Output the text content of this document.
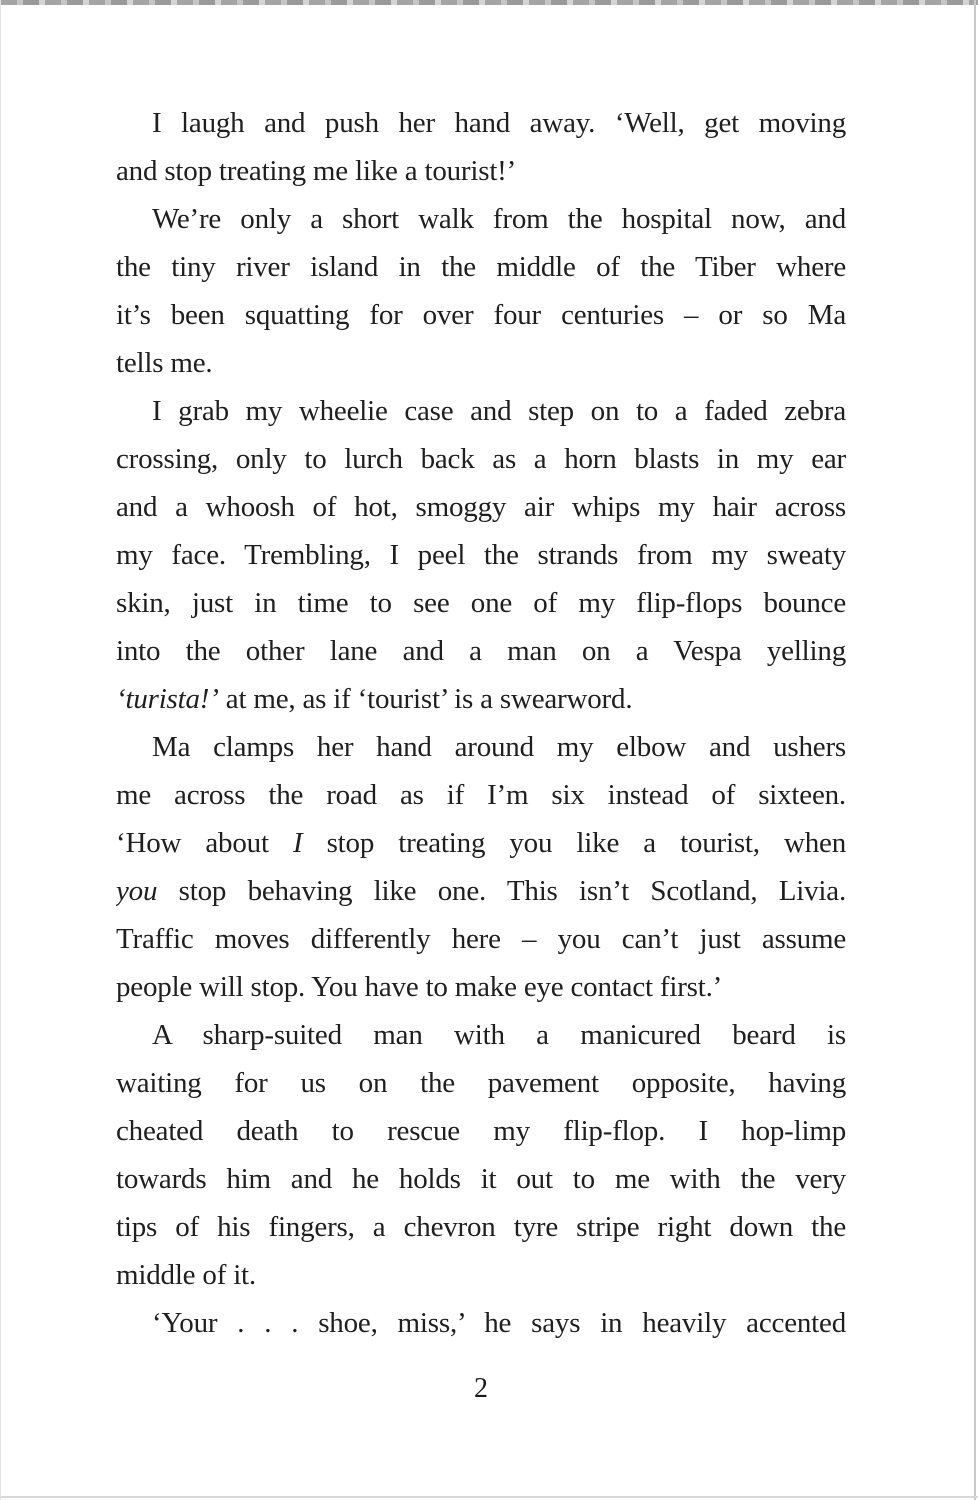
I laugh and push her hand away. ‘Well, get moving
and stop treating me like a tourist!’
We’re only a short walk from the hospital now, and
the tiny river island in the middle of the Tiber where
it’s been squatting for over four centuries – or so Ma
tells me.
I grab my wheelie case and step on to a faded zebra
crossing, only to lurch back as a horn blasts in my ear
and a whoosh of hot, smoggy air whips my hair across
my face. Trembling, I peel the strands from my sweaty
skin, just in time to see one of my flip-flops bounce
into the other lane and a man on a Vespa yelling
‘turista!’ at me, as if ‘tourist’ is a swearword.
Ma clamps her hand around my elbow and ushers
me across the road as if I’m six instead of sixteen.
‘How about I stop treating you like a tourist, when
you stop behaving like one. This isn’t Scotland, Livia.
Traffic moves differently here – you can’t just assume
people will stop. You have to make eye contact first.’
A sharp-suited man with a manicured beard is
waiting for us on the pavement opposite, having
cheated death to rescue my flip-flop. I hop-limp
towards him and he holds it out to me with the very
tips of his fingers, a chevron tyre stripe right down the
middle of it.
‘Your . . . shoe, miss,’ he says in heavily accented
2
